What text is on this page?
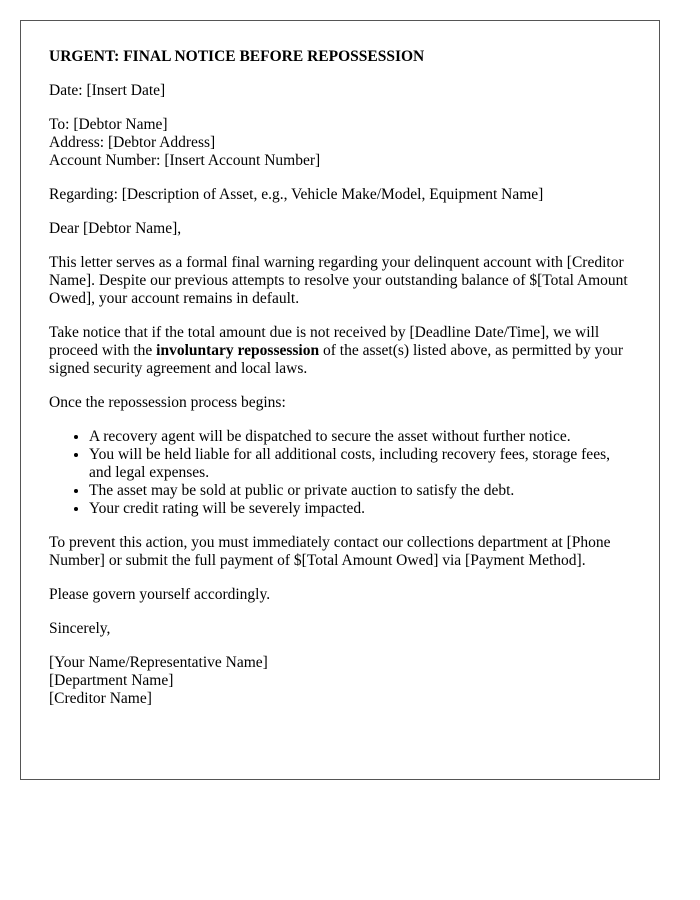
URGENT: FINAL NOTICE BEFORE REPOSSESSION

Date: [Insert Date]

To: [Debtor Name]
Address: [Debtor Address]
Account Number: [Insert Account Number]

Regarding: [Description of Asset, e.g., Vehicle Make/Model, Equipment Name]

Dear [Debtor Name],

This letter serves as a formal final warning regarding your delinquent account with [Creditor Name]. Despite our previous attempts to resolve your outstanding balance of $[Total Amount Owed], your account remains in default.

Take notice that if the total amount due is not received by [Deadline Date/Time], we will proceed with the involuntary repossession of the asset(s) listed above, as permitted by your signed security agreement and local laws.

Once the repossession process begins:

• A recovery agent will be dispatched to secure the asset without further notice.
• You will be held liable for all additional costs, including recovery fees, storage fees, and legal expenses.
• The asset may be sold at public or private auction to satisfy the debt.
• Your credit rating will be severely impacted.

To prevent this action, you must immediately contact our collections department at [Phone Number] or submit the full payment of $[Total Amount Owed] via [Payment Method].

Please govern yourself accordingly.

Sincerely,

[Your Name/Representative Name]
[Department Name]
[Creditor Name]
